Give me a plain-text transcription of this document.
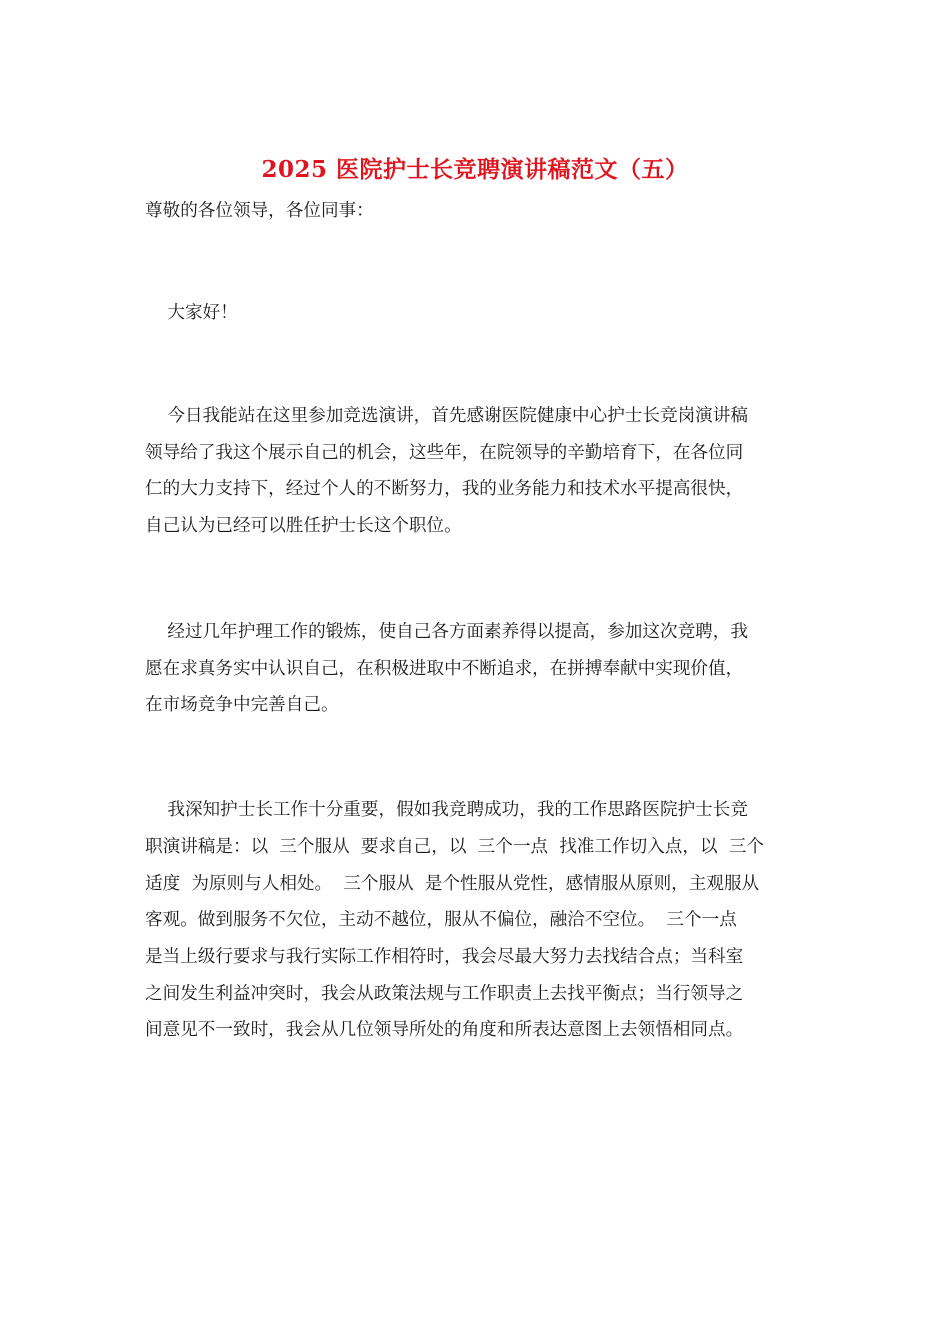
2025 医院护士长竞聘演讲稿范文（五）
尊敬的各位领导，各位同事：
大家好！
今日我能站在这里参加竞选演讲，首先感谢医院健康中心护士长竞岗演讲稿
领导给了我这个展示自己的机会，这些年，在院领导的辛勤培育下，在各位同
仁的大力支持下，经过个人的不断努力，我的业务能力和技术水平提高很快，
自己认为已经可以胜任护士长这个职位。
经过几年护理工作的锻炼，使自己各方面素养得以提高，参加这次竞聘，我
愿在求真务实中认识自己，在积极进取中不断追求，在拼搏奉献中实现价值，
在市场竞争中完善自己。
我深知护士长工作十分重要，假如我竞聘成功，我的工作思路医院护士长竞
职演讲稿是：以  三个服从  要求自己，以  三个一点  找准工作切入点，以  三个
适度  为原则与人相处。  三个服从  是个性服从党性，感情服从原则，主观服从
客观。做到服务不欠位，主动不越位，服从不偏位，融洽不空位。  三个一点
是当上级行要求与我行实际工作相符时，我会尽最大努力去找结合点；当科室
之间发生利益冲突时，我会从政策法规与工作职责上去找平衡点；当行领导之
间意见不一致时，我会从几位领导所处的角度和所表达意图上去领悟相同点。
